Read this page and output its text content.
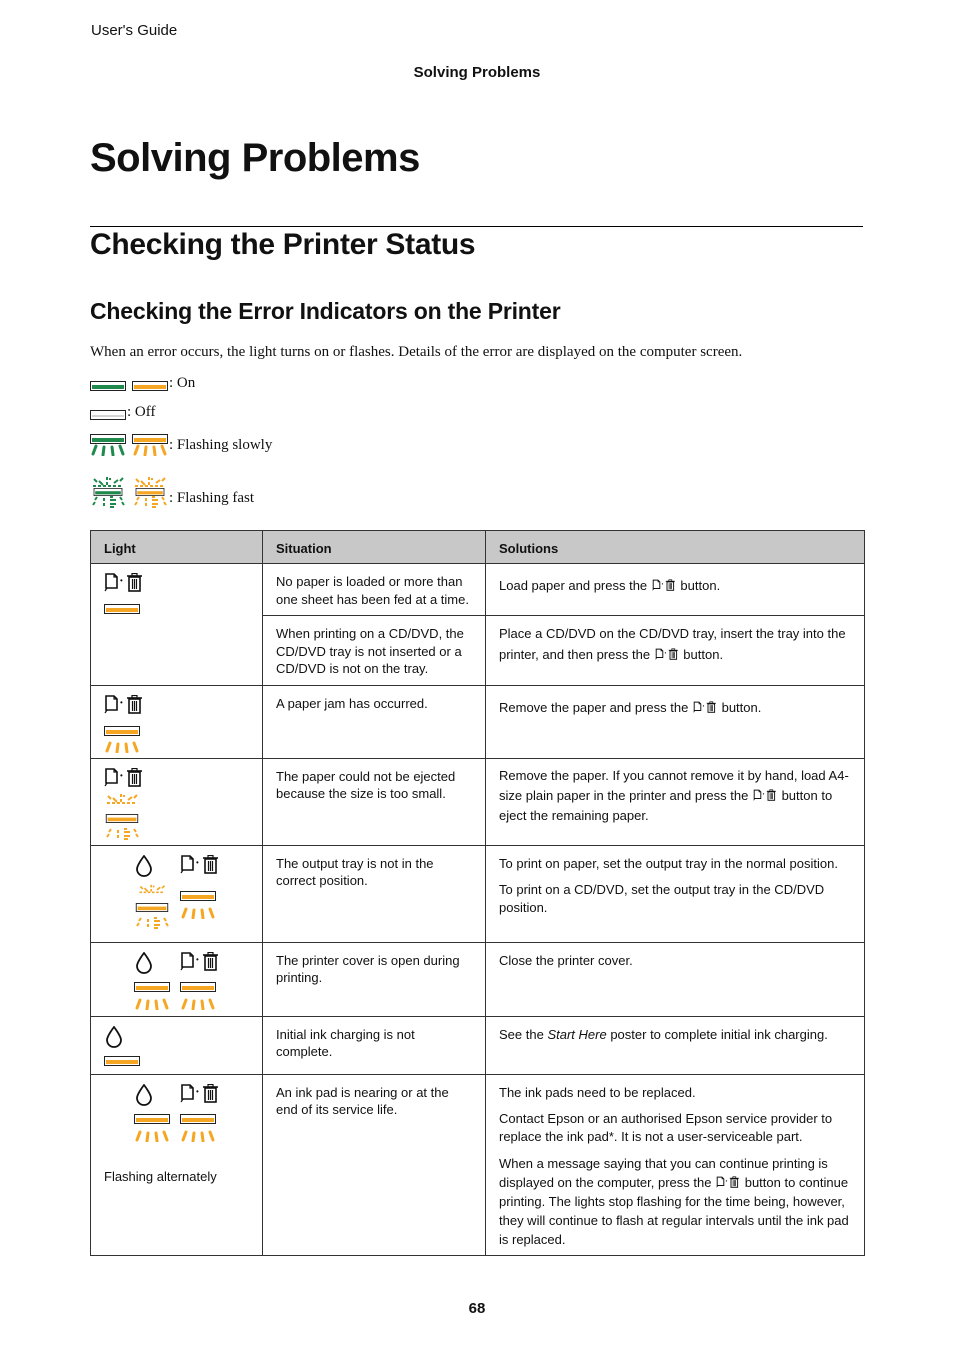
User's Guide
Solving Problems
Solving Problems
Checking the Printer Status
Checking the Error Indicators on the Printer
When an error occurs, the light turns on or flashes. Details of the error are displayed on the computer screen.
: On
: Off
: Flashing slowly
: Flashing fast
Light	Situation	Solutions

	No paper is loaded or more than one sheet has been fed at a time.	Load paper and press the button.
	When printing on a CD/DVD, the CD/DVD tray is not inserted or a CD/DVD is not on the tray.	Place a CD/DVD on the CD/DVD tray, insert the tray into the printer, and then press the button.

	A paper jam has occurred.	Remove the paper and press the button.

	The paper could not be ejected because the size is too small.	Remove the paper. If you cannot remove it by hand, load A4-size plain paper in the printer and press the button to eject the remaining paper.

	The output tray is not in the correct position.	To print on paper, set the output tray in the normal position.

To print on a CD/DVD, set the output tray in the CD/DVD position.

	The printer cover is open during printing.	Close the printer cover.

	Initial ink charging is not complete.	See the Start Here poster to complete initial ink charging.

Flashing alternately	An ink pad is nearing or at the end of its service life.	The ink pads need to be replaced.

Contact Epson or an authorised Epson service provider to replace the ink pad*. It is not a user-serviceable part.

When a message saying that you can continue printing is displayed on the computer, press the button to continue printing. The lights stop flashing for the time being, however, they will continue to flash at regular intervals until the ink pad is replaced.

68
